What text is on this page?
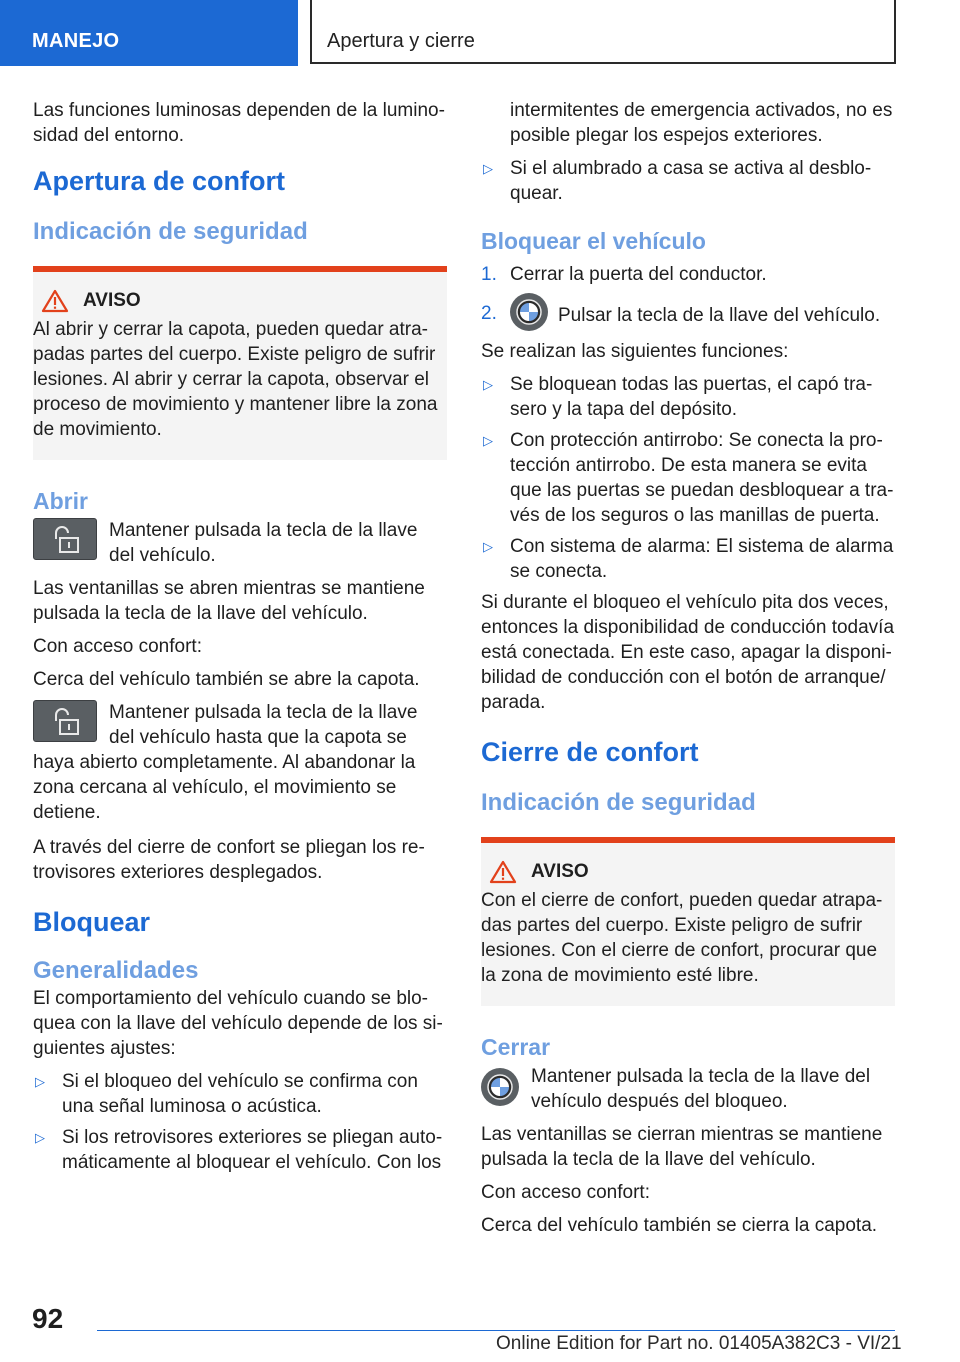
MANEJO	Apertura y cierre

Las funciones luminosas dependen de la lumino-sidad del entorno.

Apertura de confort
Indicación de seguridad
AVISO

Al abrir y cerrar la capota, pueden quedar atra-padas partes del cuerpo. Existe peligro de sufrir lesiones. Al abrir y cerrar la capota, observar el proceso de movimiento y mantener libre la zona de movimiento.

Abrir
Mantener pulsada la tecla de la llave del vehículo.

Las ventanillas se abren mientras se mantiene pulsada la tecla de la llave del vehículo.

Con acceso confort:

Cerca del vehículo también se abre la capota.

Mantener pulsada la tecla de la llave del vehículo hasta que la capota se haya abierto completamente. Al abandonar la zona cercana al vehículo, el movimiento se detiene.

A través del cierre de confort se pliegan los re-trovisores exteriores desplegados.

Bloquear
Generalidades

El comportamiento del vehículo cuando se blo-quea con la llave del vehículo depende de los si-guientes ajustes:

▷ Si el bloqueo del vehículo se confirma con una señal luminosa o acústica.
▷ Si los retrovisores exteriores se pliegan auto-máticamente al bloquear el vehículo. Con los

intermitentes de emergencia activados, no es posible plegar los espejos exteriores.

▷ Si el alumbrado a casa se activa al desblo-quear.
Bloquear el vehículo
1. Cerrar la puerta del conductor.
2.	Pulsar la tecla de la llave del vehículo.

Se realizan las siguientes funciones:

▷ Se bloquean todas las puertas, el capó tra-sero y la tapa del depósito.
▷ Con protección antirrobo: Se conecta la pro-tección antirrobo. De esta manera se evita que las puertas se puedan desbloquear a tra-vés de los seguros o las manillas de puerta.
▷ Con sistema de alarma: El sistema de alarma se conecta.

Si durante el bloqueo el vehículo pita dos veces, entonces la disponibilidad de conducción todavía está conectada. En este caso, apagar la disponi-bilidad de conducción con el botón de arranque/ parada.

Cierre de confort
Indicación de seguridad
AVISO

Con el cierre de confort, pueden quedar atrapa-das partes del cuerpo. Existe peligro de sufrir lesiones. Con el cierre de confort, procurar que la zona de movimiento esté libre.

Cerrar
Mantener pulsada la tecla de la llave del vehículo después del bloqueo.

Las ventanillas se cierran mientras se mantiene pulsada la tecla de la llave del vehículo.

Con acceso confort:

Cerca del vehículo también se cierra la capota.

92
Online Edition for Part no. 01405A382C3 - VI/21
